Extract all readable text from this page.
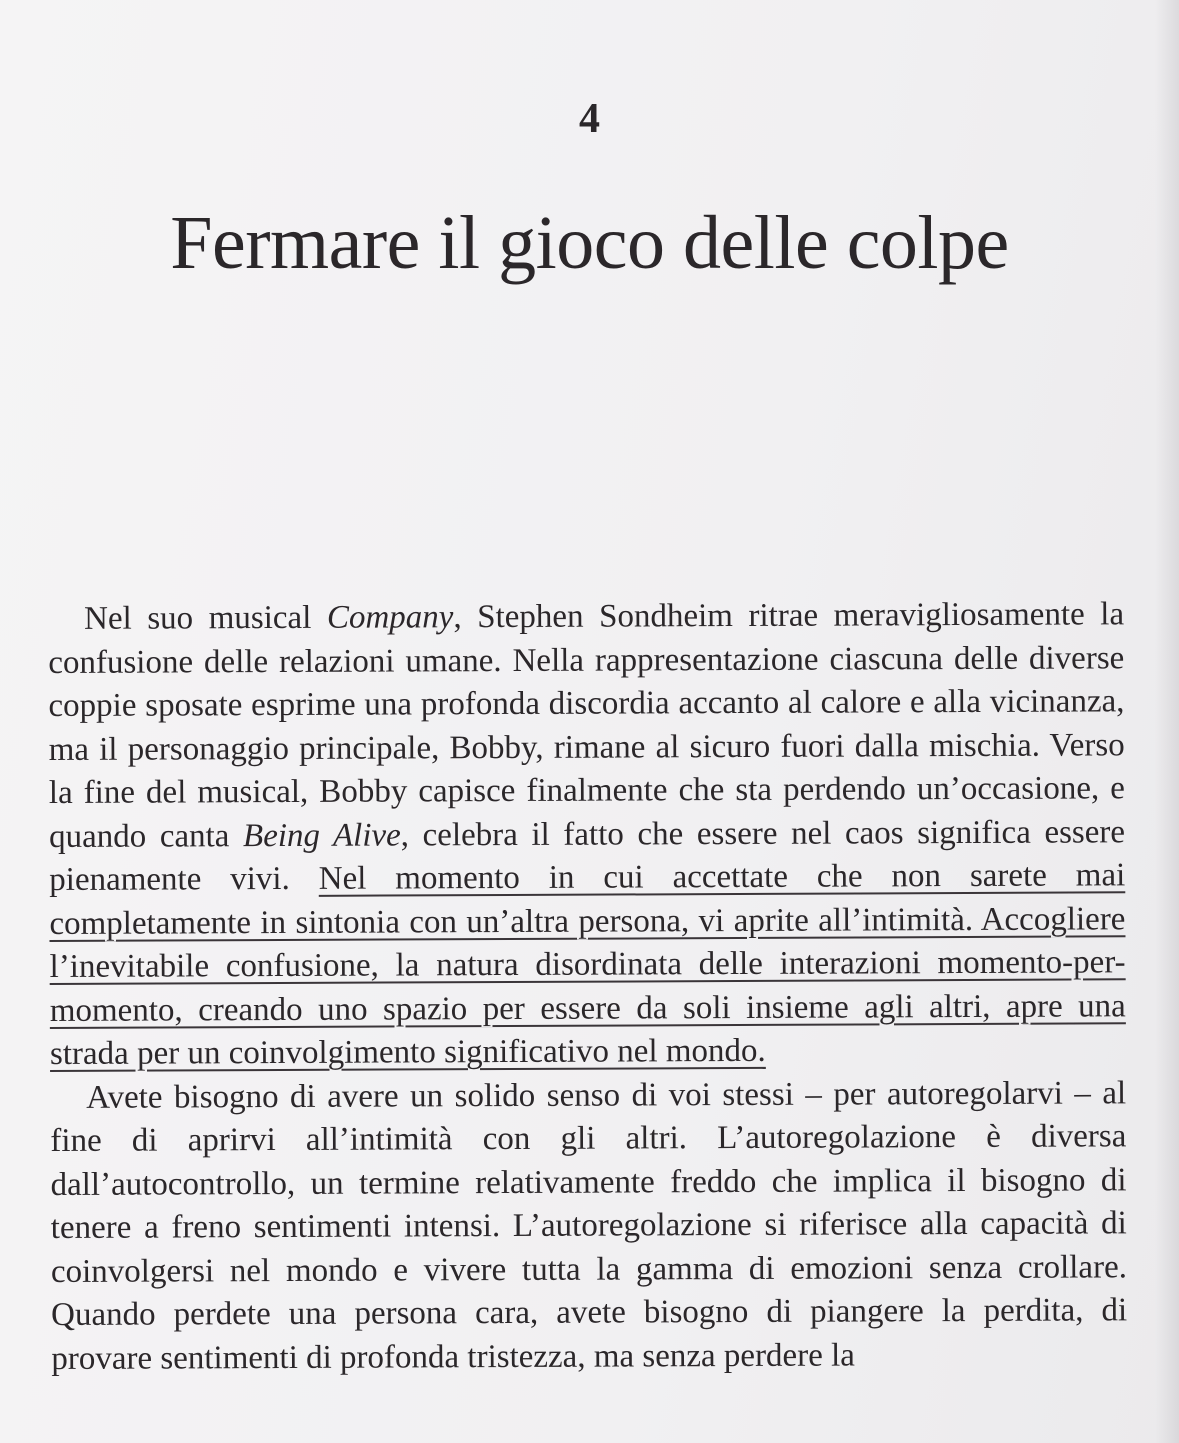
4
Fermare il gioco delle colpe

Nel suo musical Company, Stephen Sondheim ritrae meravigliosamente la confusione delle relazioni umane. Nella rappresentazione ciascuna delle diverse coppie sposate esprime una profonda discordia accanto al calore e alla vicinanza, ma il personaggio principale, Bobby, rimane al sicuro fuori dalla mischia. Verso la fine del musical, Bobby capisce finalmente che sta perdendo un’occasione, e quando canta Being Alive, celebra il fatto che essere nel caos significa essere pienamente vivi. Nel momento in cui accettate che non sarete mai completamente in sintonia con un’altra persona, vi aprite all’intimità. Accogliere l’inevitabile confusione, la natura disordinata delle interazioni momento-per-momento, creando uno spazio per essere da soli insieme agli altri, apre una strada per un coinvolgimento significativo nel mondo.

Avete bisogno di avere un solido senso di voi stessi – per autoregolarvi – al fine di aprirvi all’intimità con gli altri. L’autoregolazione è diversa dall’autocontrollo, un termine relativamente freddo che implica il bisogno di tenere a freno sentimenti intensi. L’autoregolazione si riferisce alla capacità di coinvolgersi nel mondo e vivere tutta la gamma di emozioni senza crollare. Quando perdete una persona cara, avete bisogno di piangere la perdita, di provare sentimenti di profonda tristezza, ma senza perdere la
